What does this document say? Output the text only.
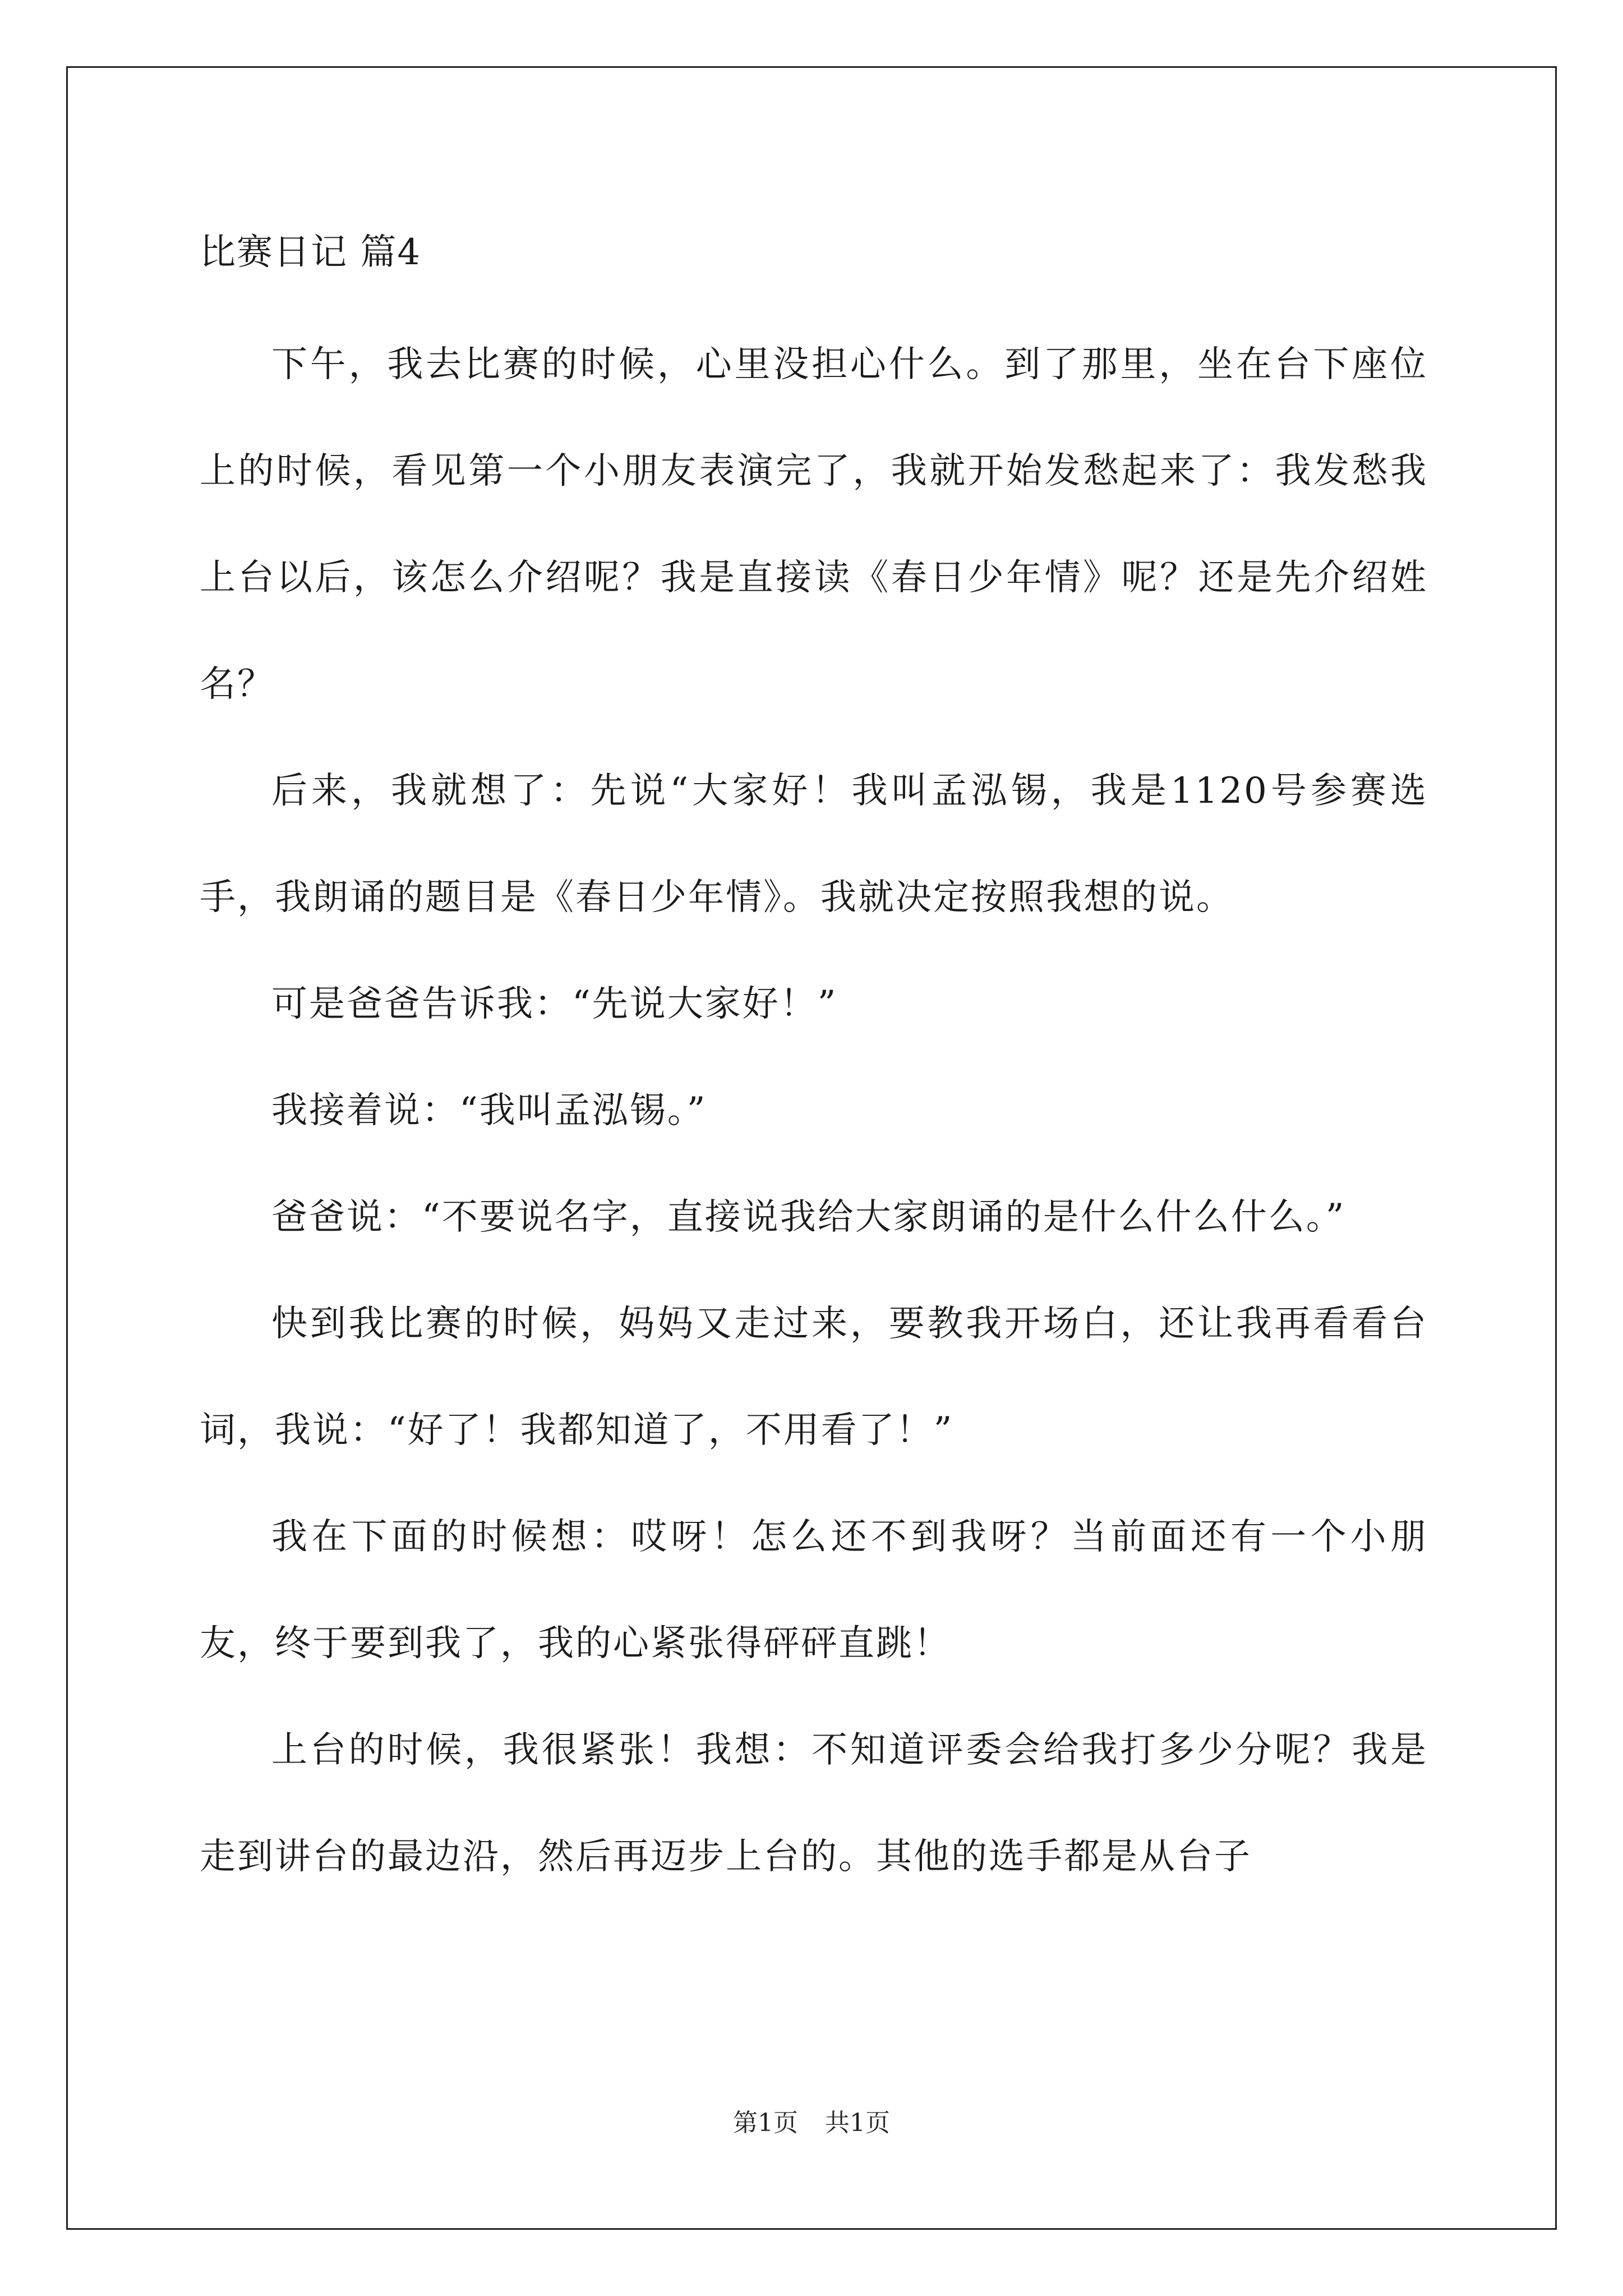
比赛日记 篇4

下午，我去比赛的时候，心里没担心什么。到了那里，坐在台下座位上的时候，看见第一个小朋友表演完了，我就开始发愁起来了：我发愁我上台以后，该怎么介绍呢？我是直接读《春日少年情》呢？还是先介绍姓名？

后来，我就想了：先说“大家好！我叫孟泓锡，我是1120号参赛选手，我朗诵的题目是《春日少年情》。我就决定按照我想的说。

可是爸爸告诉我：“先说大家好！”

我接着说：“我叫孟泓锡。”

爸爸说：“不要说名字，直接说我给大家朗诵的是什么什么什么。”

快到我比赛的时候，妈妈又走过来，要教我开场白，还让我再看看台词，我说：“好了！我都知道了，不用看了！”

我在下面的时候想：哎呀！怎么还不到我呀？当前面还有一个小朋友，终于要到我了，我的心紧张得砰砰直跳！

上台的时候，我很紧张！我想：不知道评委会给我打多少分呢？我是走到讲台的最边沿，然后再迈步上台的。其他的选手都是从台子

第1页 共1页
